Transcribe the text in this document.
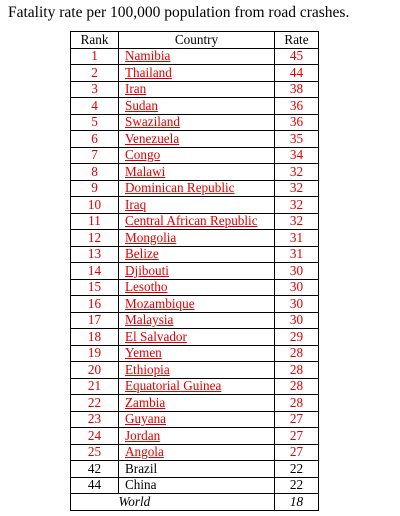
Fatality rate per 100,000 population from road crashes.
Rank	Country	Rate
1	Namibia	45
2	Thailand	44
3	Iran	38
4	Sudan	36
5	Swaziland	36
6	Venezuela	35
7	Congo	34
8	Malawi	32
9	Dominican Republic	32
10	Iraq	32
11	Central African Republic	32
12	Mongolia	31
13	Belize	31
14	Djibouti	30
15	Lesotho	30
16	Mozambique	30
17	Malaysia	30
18	El Salvador	29
19	Yemen	28
20	Ethiopia	28
21	Equatorial Guinea	28
22	Zambia	28
23	Guyana	27
24	Jordan	27
25	Angola	27
42	Brazil	22
44	China	22
	World	18
